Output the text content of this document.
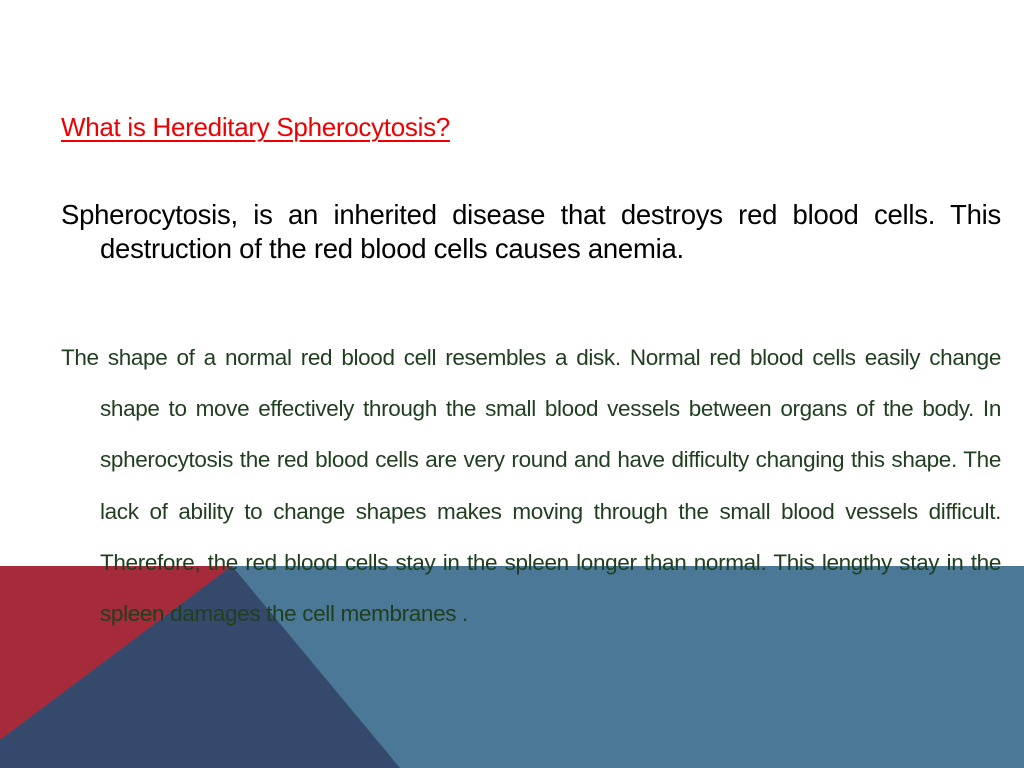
What is Hereditary Spherocytosis?
Spherocytosis, is an inherited disease that destroys red blood cells. This destruction of the red blood cells causes anemia.
The shape of a normal red blood cell resembles a disk. Normal red blood cells easily change shape to move effectively through the small blood vessels between organs of the body. In spherocytosis the red blood cells are very round and have difficulty changing this shape. The lack of ability to change shapes makes moving through the small blood vessels difficult. Therefore, the red blood cells stay in the spleen longer than normal. This lengthy stay in the spleen damages the cell membranes .
